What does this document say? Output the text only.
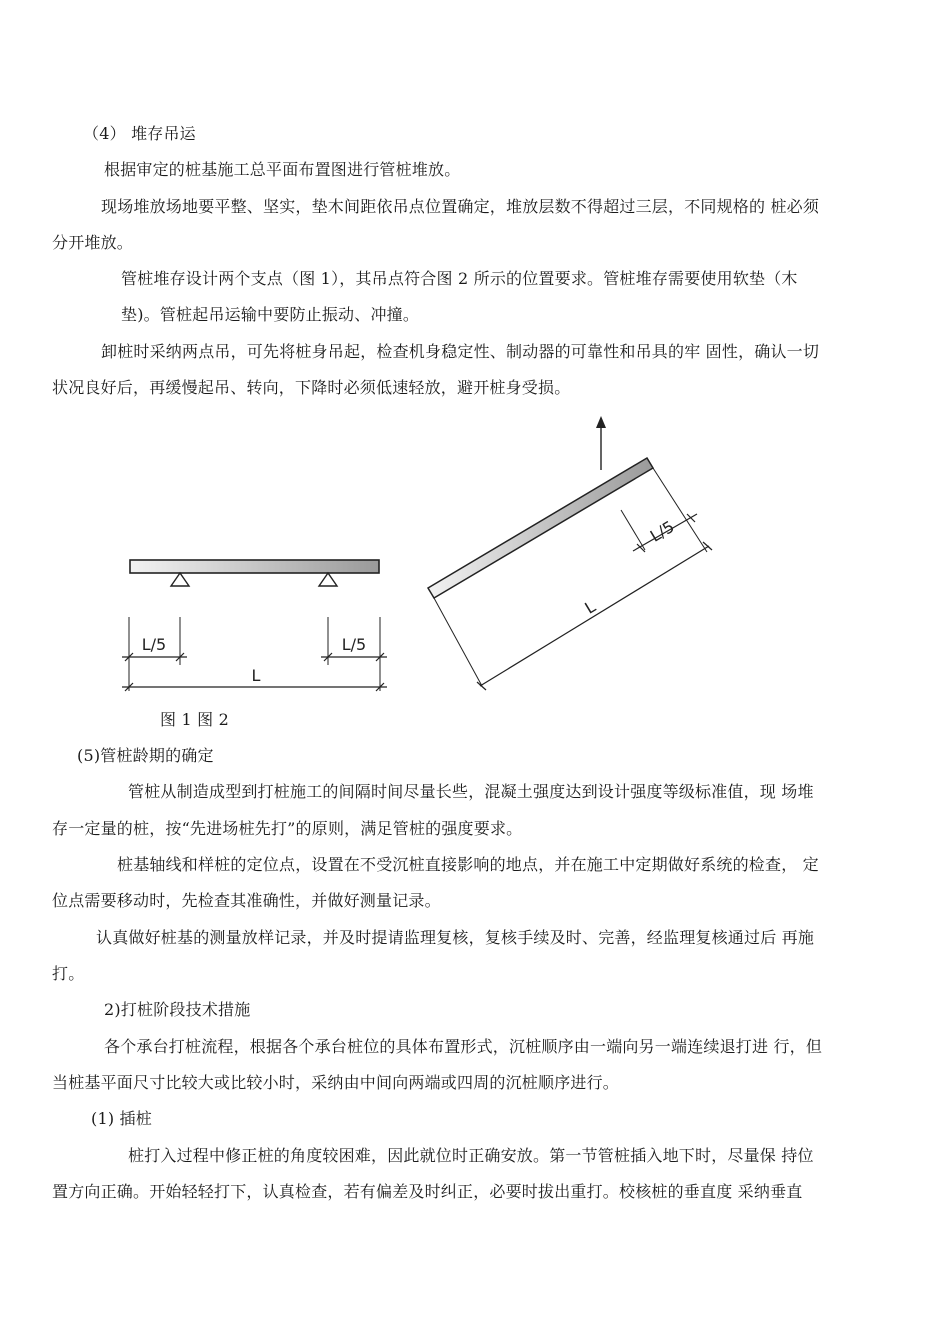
（4） 堆存吊运
根据审定的桩基施工总平面布置图进行管桩堆放。
现场堆放场地要平整、坚实，垫木间距依吊点位置确定，堆放层数不得超过三层，不同规格的 桩必须
分开堆放。
管桩堆存设计两个支点（图 1），其吊点符合图 2 所示的位置要求。管桩堆存需要使用软垫（木
垫)。管桩起吊运输中要防止振动、冲撞。
卸桩时采纳两点吊，可先将桩身吊起，检查机身稳定性、制动器的可靠性和吊具的牢 固性，确认一切
状况良好后，再缓慢起吊、转向，下降时必须低速轻放，避开桩身受损。
L/5	L/5
L
L/5
L
图 1 图 2
(5)管桩龄期的确定
管桩从制造成型到打桩施工的间隔时间尽量长些，混凝土强度达到设计强度等级标准值，现 场堆
存一定量的桩，按“先进场桩先打”的原则，满足管桩的强度要求。
桩基轴线和样桩的定位点，设置在不受沉桩直接影响的地点，并在施工中定期做好系统的检查， 定
位点需要移动时，先检查其准确性，并做好测量记录。
认真做好桩基的测量放样记录，并及时提请监理复核，复核手续及时、完善，经监理复核通过后 再施
打。
2)打桩阶段技术措施
各个承台打桩流程，根据各个承台桩位的具体布置形式，沉桩顺序由一端向另一端连续退打进 行，但
当桩基平面尺寸比较大或比较小时，采纳由中间向两端或四周的沉桩顺序进行。
(1) 插桩
桩打入过程中修正桩的角度较困难，因此就位时正确安放。第一节管桩插入地下时，尽量保 持位
置方向正确。开始轻轻打下，认真检查，若有偏差及时纠正，必要时拔出重打。校核桩的垂直度 采纳垂直
